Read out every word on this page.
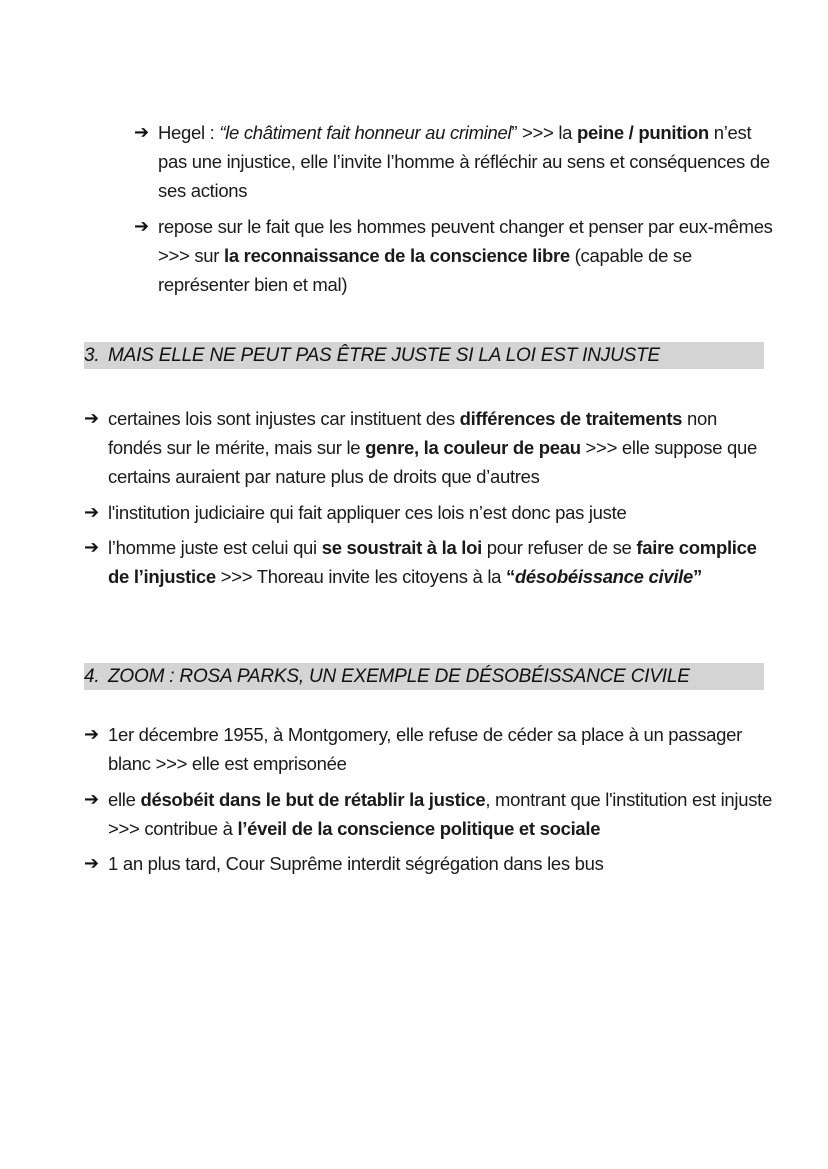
➔ Hegel : “le châtiment fait honneur au criminel” >>> la peine / punition n’est pas une injustice, elle l’invite l’homme à réfléchir au sens et conséquences de ses actions
➔ repose sur le fait que les hommes peuvent changer et penser par eux-mêmes >>> sur la reconnaissance de la conscience libre (capable de se représenter bien et mal)
3. MAIS ELLE NE PEUT PAS ÊTRE JUSTE SI LA LOI EST INJUSTE
➔ certaines lois sont injustes car instituent des différences de traitements non fondés sur le mérite, mais sur le genre, la couleur de peau >>> elle suppose que certains auraient par nature plus de droits que d’autres
➔ l'institution judiciaire qui fait appliquer ces lois n’est donc pas juste
➔ l’homme juste est celui qui se soustrait à la loi pour refuser de se faire complice de l’injustice >>> Thoreau invite les citoyens à la “désobéissance civile”
4. ZOOM : ROSA PARKS, UN EXEMPLE DE DÉSOBÉISSANCE CIVILE
➔ 1er décembre 1955, à Montgomery, elle refuse de céder sa place à un passager blanc >>> elle est emprisonée
➔ elle désobéit dans le but de rétablir la justice, montrant que l'institution est injuste >>> contribue à l’éveil de la conscience politique et sociale
➔ 1 an plus tard, Cour Suprême interdit ségrégation dans les bus
